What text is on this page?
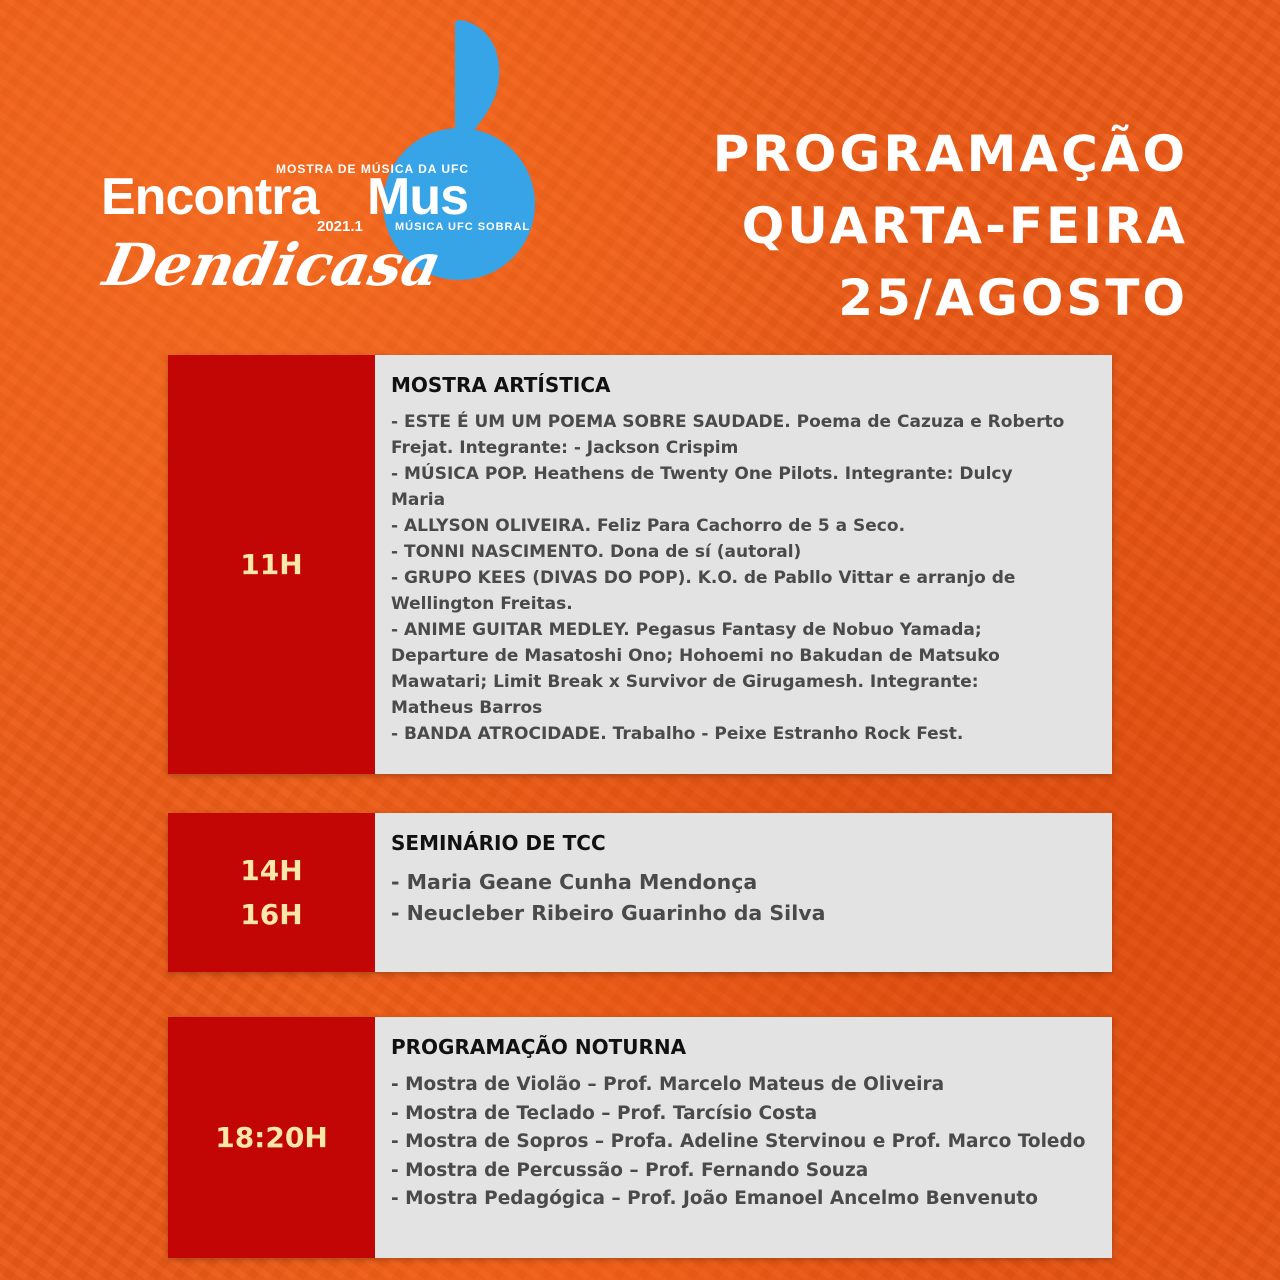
MOSTRA DE MÚSICA DA UFC
Encontra Mus
2021.1	MÚSICA UFC SOBRAL
Dendicasa
PROGRAMAÇÃO
QUARTA-FEIRA
25/AGOSTO
11H
MOSTRA ARTÍSTICA
- ESTE É UM UM POEMA SOBRE SAUDADE. Poema de Cazuza e Roberto
Frejat. Integrante: - Jackson Crispim
- MÚSICA POP. Heathens de Twenty One Pilots. Integrante: Dulcy
Maria
- ALLYSON OLIVEIRA. Feliz Para Cachorro de 5 a Seco.
- TONNI NASCIMENTO. Dona de sí (autoral)
- GRUPO KEES (DIVAS DO POP). K.O. de Pabllo Vittar e arranjo de
Wellington Freitas.
- ANIME GUITAR MEDLEY. Pegasus Fantasy de Nobuo Yamada;
Departure de Masatoshi Ono; Hohoemi no Bakudan de Matsuko
Mawatari; Limit Break x Survivor de Girugamesh. Integrante:
Matheus Barros
- BANDA ATROCIDADE. Trabalho - Peixe Estranho Rock Fest.
14H
16H
SEMINÁRIO DE TCC
- Maria Geane Cunha Mendonça
- Neucleber Ribeiro Guarinho da Silva
18:20H
PROGRAMAÇÃO NOTURNA
- Mostra de Violão – Prof. Marcelo Mateus de Oliveira
- Mostra de Teclado – Prof. Tarcísio Costa
- Mostra de Sopros – Profa. Adeline Stervinou e Prof. Marco Toledo
- Mostra de Percussão – Prof. Fernando Souza
- Mostra Pedagógica – Prof. João Emanoel Ancelmo Benvenuto
